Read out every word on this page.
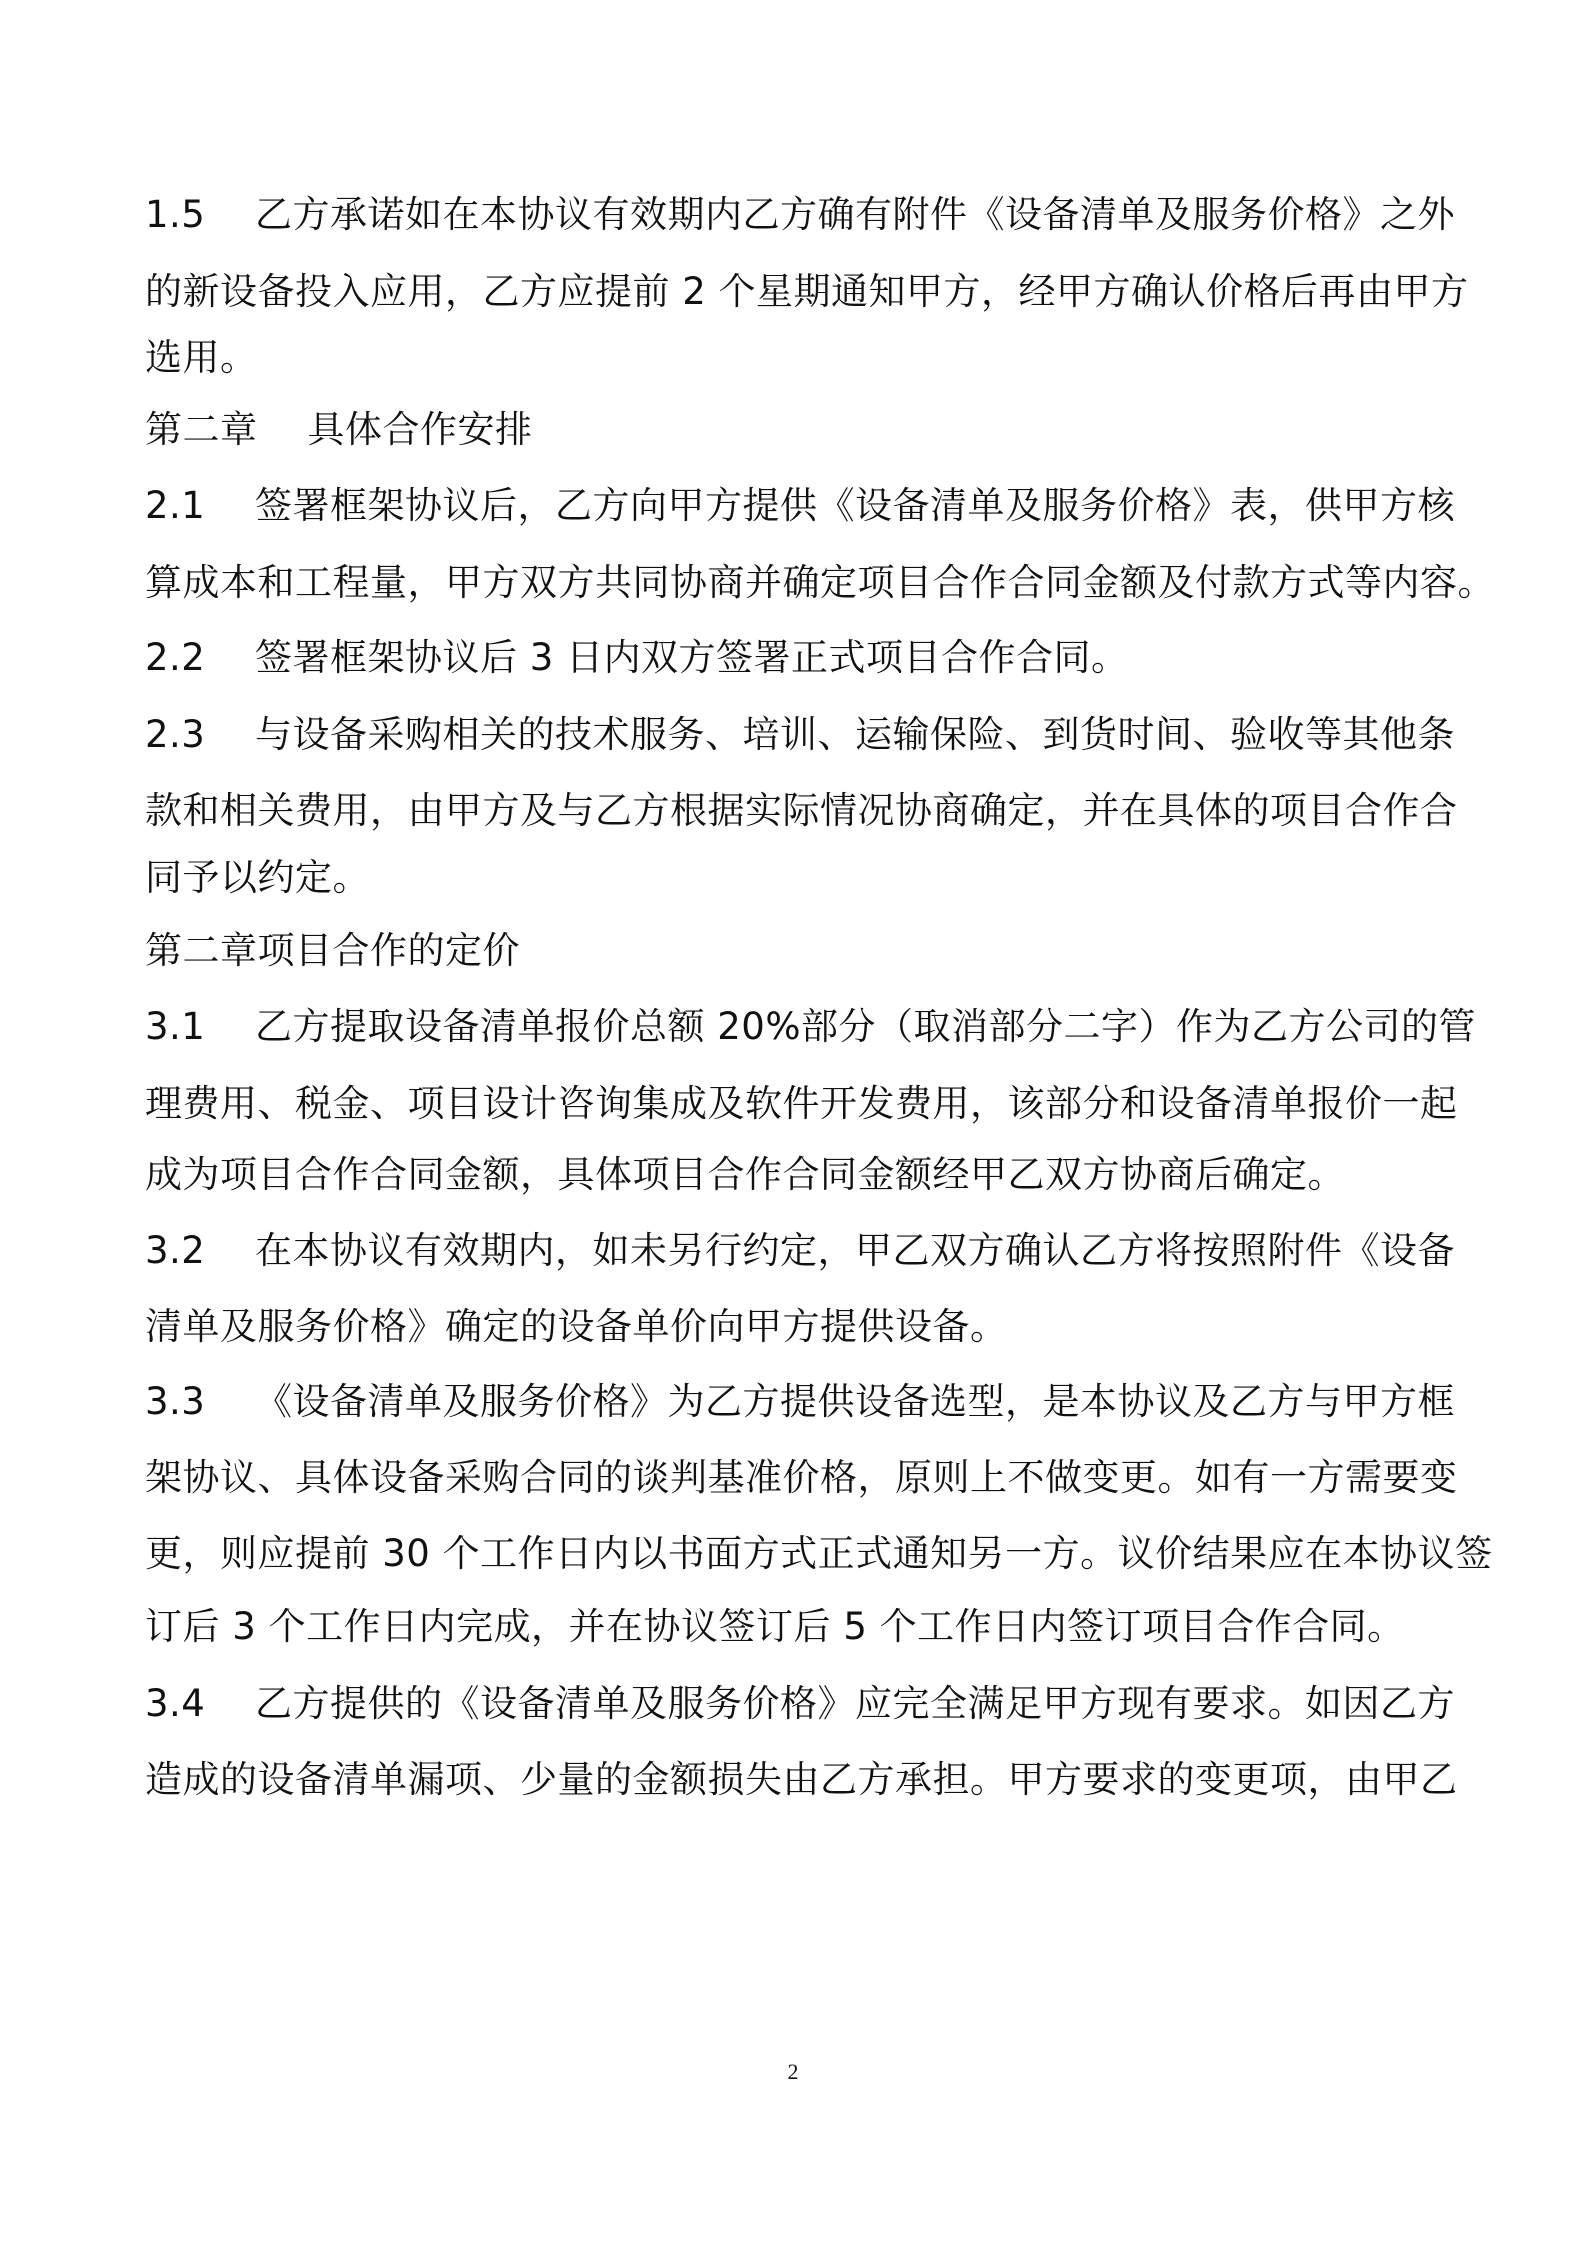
1.5 乙方承诺如在本协议有效期内乙方确有附件《设备清单及服务价格》之外
的新设备投入应用，乙方应提前 2 个星期通知甲方，经甲方确认价格后再由甲方
选用。
第二章 具体合作安排
2.1 签署框架协议后，乙方向甲方提供《设备清单及服务价格》表，供甲方核
算成本和工程量，甲方双方共同协商并确定项目合作合同金额及付款方式等内容。
2.2 签署框架协议后 3 日内双方签署正式项目合作合同。
2.3 与设备采购相关的技术服务、培训、运输保险、到货时间、验收等其他条
款和相关费用，由甲方及与乙方根据实际情况协商确定，并在具体的项目合作合
同予以约定。
第二章项目合作的定价
3.1 乙方提取设备清单报价总额 20%部分（取消部分二字）作为乙方公司的管
理费用、税金、项目设计咨询集成及软件开发费用，该部分和设备清单报价一起
成为项目合作合同金额，具体项目合作合同金额经甲乙双方协商后确定。
3.2 在本协议有效期内，如未另行约定，甲乙双方确认乙方将按照附件《设备
清单及服务价格》确定的设备单价向甲方提供设备。
3.3 《设备清单及服务价格》为乙方提供设备选型，是本协议及乙方与甲方框
架协议、具体设备采购合同的谈判基准价格，原则上不做变更。如有一方需要变
更，则应提前 30 个工作日内以书面方式正式通知另一方。议价结果应在本协议签
订后 3 个工作日内完成，并在协议签订后 5 个工作日内签订项目合作合同。
3.4 乙方提供的《设备清单及服务价格》应完全满足甲方现有要求。如因乙方
造成的设备清单漏项、少量的金额损失由乙方承担。甲方要求的变更项，由甲乙
2
